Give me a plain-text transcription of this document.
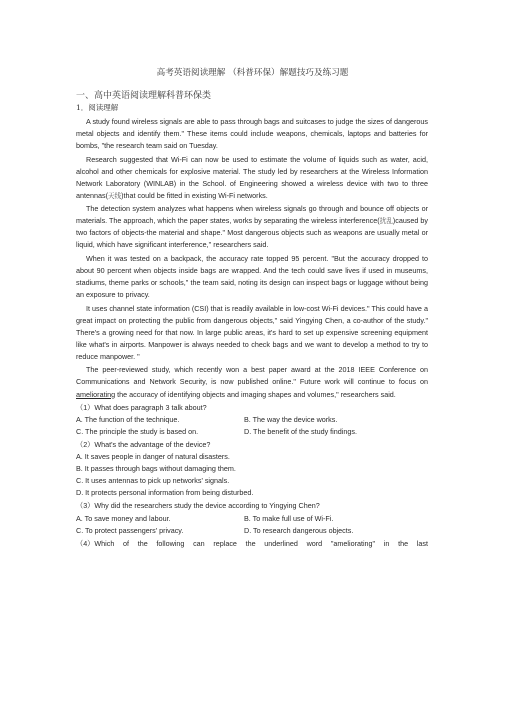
高考英语阅读理解 （科普环保）解题技巧及练习题
一、高中英语阅读理解科普环保类
1．阅读理解

A study found wireless signals are able to pass through bags and suitcases to judge the sizes of dangerous metal objects and identify them." These items could include weapons, chemicals, laptops and batteries for bombs, "the research team said on Tuesday.

Research suggested that Wi-Fi can now be used to estimate the volume of liquids such as water, acid, alcohol and other chemicals for explosive material. The study led by researchers at the Wireless Information Network Laboratory (WINLAB) in the School. of Engineering showed a wireless device with two to three antennas(天线)that could be fitted in existing Wi-Fi networks.

The detection system analyzes what happens when wireless signals go through and bounce off objects or materials. The approach, which the paper states, works by separating the wireless interference(扰乱)caused by two factors of objects-the material and shape." Most dangerous objects such as weapons are usually metal or liquid, which have significant interference," researchers said.

When it was tested on a backpack, the accuracy rate topped 95 percent. "But the accuracy dropped to about 90 percent when objects inside bags are wrapped. And the tech could save lives if used in museums, stadiums, theme parks or schools," the team said, noting its design can inspect bags or luggage without being an exposure to privacy.

It uses channel state information (CSI) that is readily available in low-cost Wi-Fi devices." This could have a great impact on protecting the public from dangerous objects," said Yingying Chen, a co-author of the study." There's a growing need for that now. In large public areas, it's hard to set up expensive screening equipment like what's in airports. Manpower is always needed to check bags and we want to develop a method to try to reduce manpower. "

The peer-reviewed study, which recently won a best paper award at the 2018 IEEE Conference on Communications and Network Security, is now published online." Future work will continue to focus on ameliorating the accuracy of identifying objects and imaging shapes and volumes," researchers said.

（1）What does paragraph 3 talk about?
A. The function of the technique.	B. The way the device works.
C. The principle the study is based on.	D. The benefit of the study findings.
（2）What's the advantage of the device?
A. It saves people in danger of natural disasters.
B. It passes through bags without damaging them.
C. It uses antennas to pick up networks' signals.
D. It protects personal information from being disturbed.
（3）Why did the researchers study the device according to Yingying Chen?
A. To save money and labour.	B. To make full use of Wi-Fi.
C. To protect passengers' privacy.	D. To research dangerous objects.
（4）Which of the following can replace the underlined word "ameliorating" in the last
